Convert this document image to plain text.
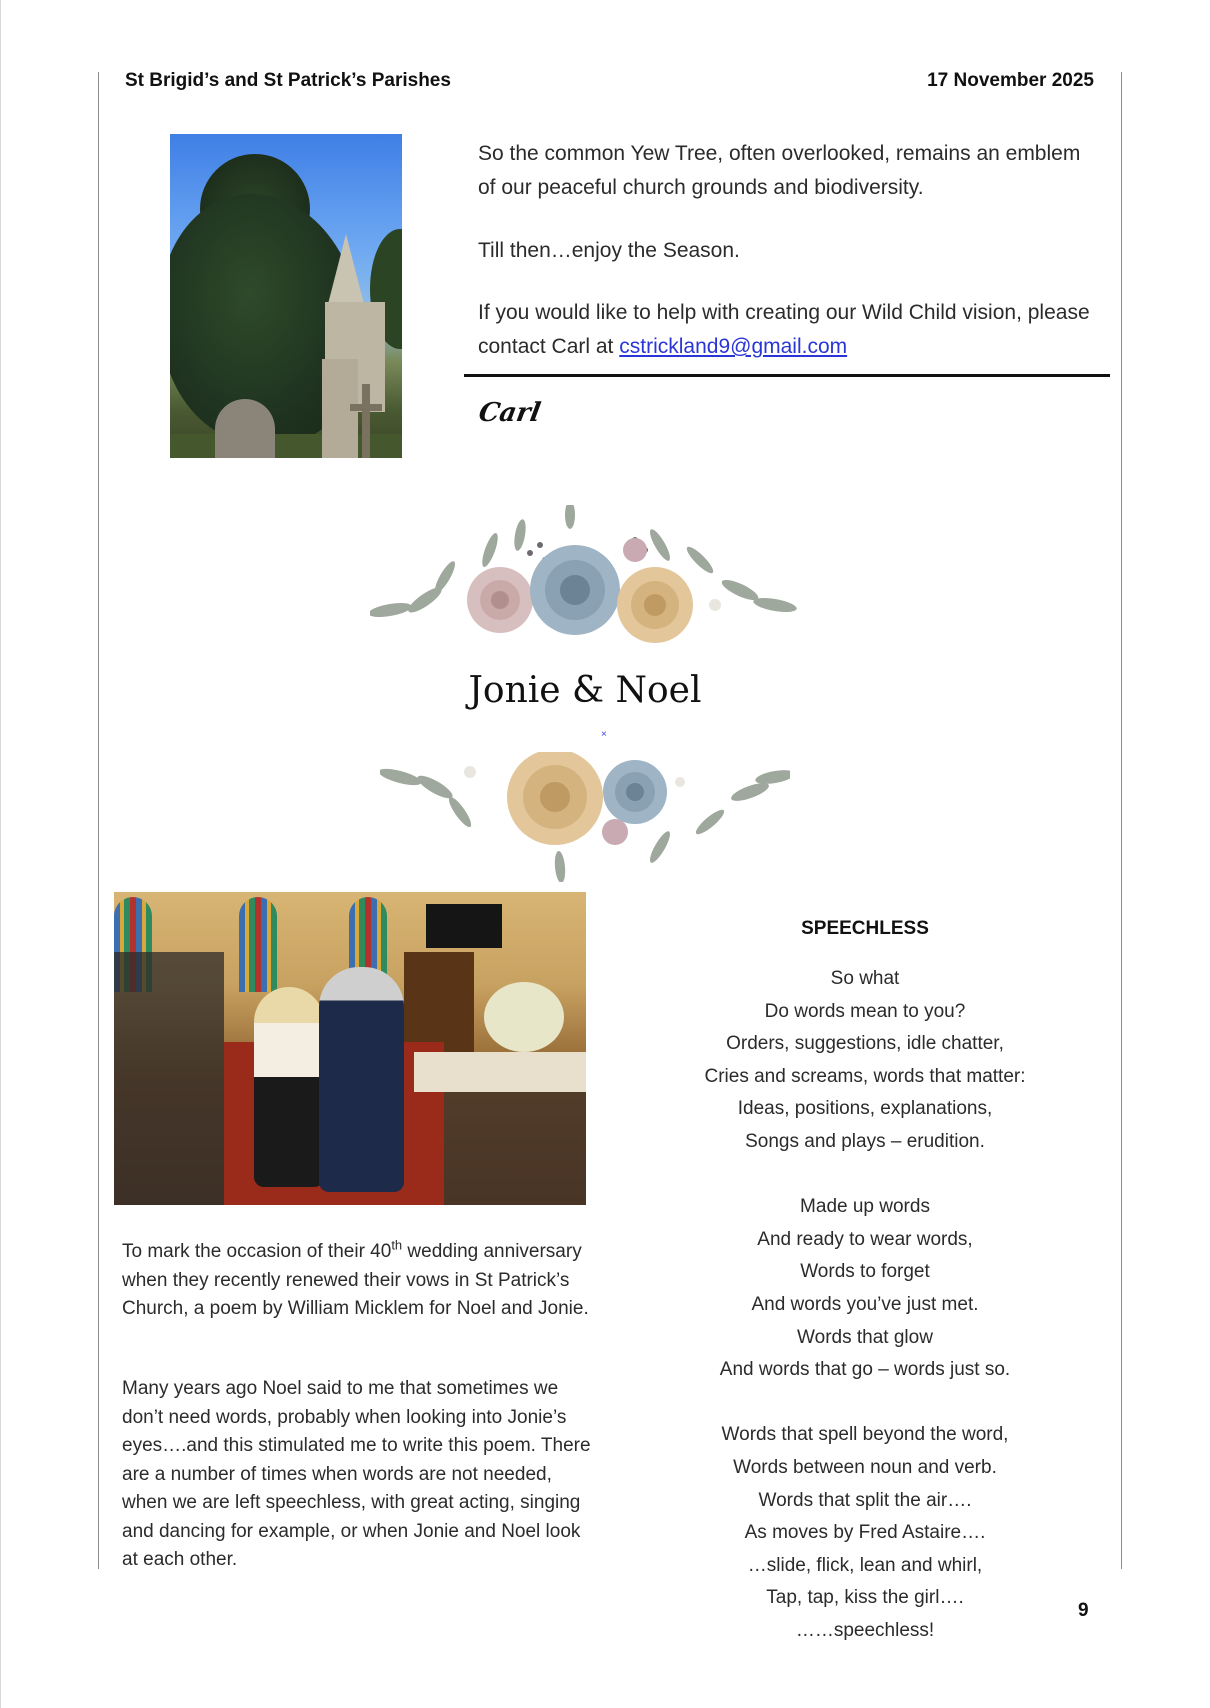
St Brigid’s and St Patrick’s Parishes	17 November 2025

So the common Yew Tree, often overlooked, remains an emblem of our peaceful church grounds and biodiversity.

Till then…enjoy the Season.

If you would like to help with creating our Wild Child vision, please contact Carl at cstrickland9@gmail.com

Carl
Jonie & Noel
×

To mark the occasion of their 40th wedding anniversary when they recently renewed their vows in St Patrick’s Church, a poem by William Micklem for Noel and Jonie.

Many years ago Noel said to me that sometimes we don’t need words, probably when looking into Jonie’s eyes….and this stimulated me to write this poem. There are a number of times when words are not needed, when we are left speechless, with great acting, singing and dancing for example, or when Jonie and Noel look at each other.

SPEECHLESS
So what
Do words mean to you?
Orders, suggestions, idle chatter,
Cries and screams, words that matter:
Ideas, positions, explanations,
Songs and plays – erudition.
Made up words
And ready to wear words,
Words to forget
And words you’ve just met.
Words that glow
And words that go – words just so.
Words that spell beyond the word,
Words between noun and verb.
Words that split the air….
As moves by Fred Astaire….
…slide, flick, lean and whirl,
Tap, tap, kiss the girl….
……speechless!
9
